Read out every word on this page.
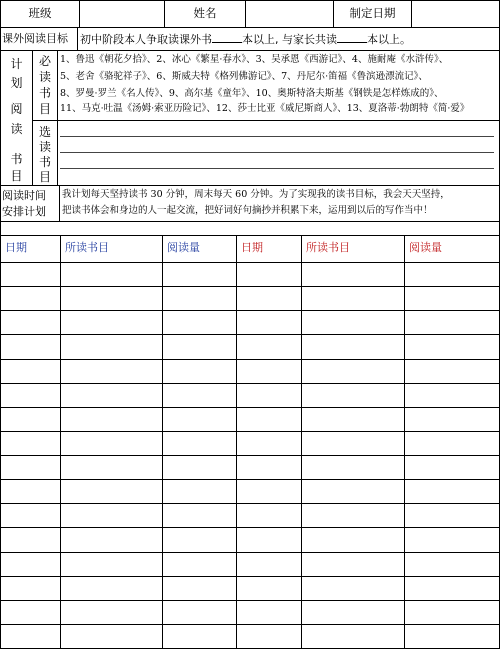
班级	姓名	制定日期
课外阅读目标 初中阶段本人争取读课外书	本以上, 与家长共读	本以上。
计
划
阅
读
书
目
必
读
书
目
1、鲁迅《朝花夕拾》、2、冰心《繁星·春水》、3、吴承恩《西游记》、4、施耐庵《水浒传》、
5、老舍《骆驼祥子》、6、斯威夫特《格列佛游记》、7、丹尼尔·笛福《鲁滨逊漂流记》、
8、罗曼·罗兰《名人传》、9、高尔基《童年》、10、奥斯特洛夫斯基《钢铁是怎样炼成的》、
11、马克·吐温《汤姆·索亚历险记》、12、莎士比亚《威尼斯商人》、13、夏洛蒂·勃朗特《简·爱》
选
读
书
目
阅读时间
安排计划
我计划每天坚持读书 30 分钟，周末每天 60 分钟。为了实现我的读书目标，我会天天坚持，
把读书体会和身边的人一起交流，把好词好句摘抄并积累下来，运用到以后的写作当中！
日期	所读书目	阅读量	日期	所读书目	阅读量
